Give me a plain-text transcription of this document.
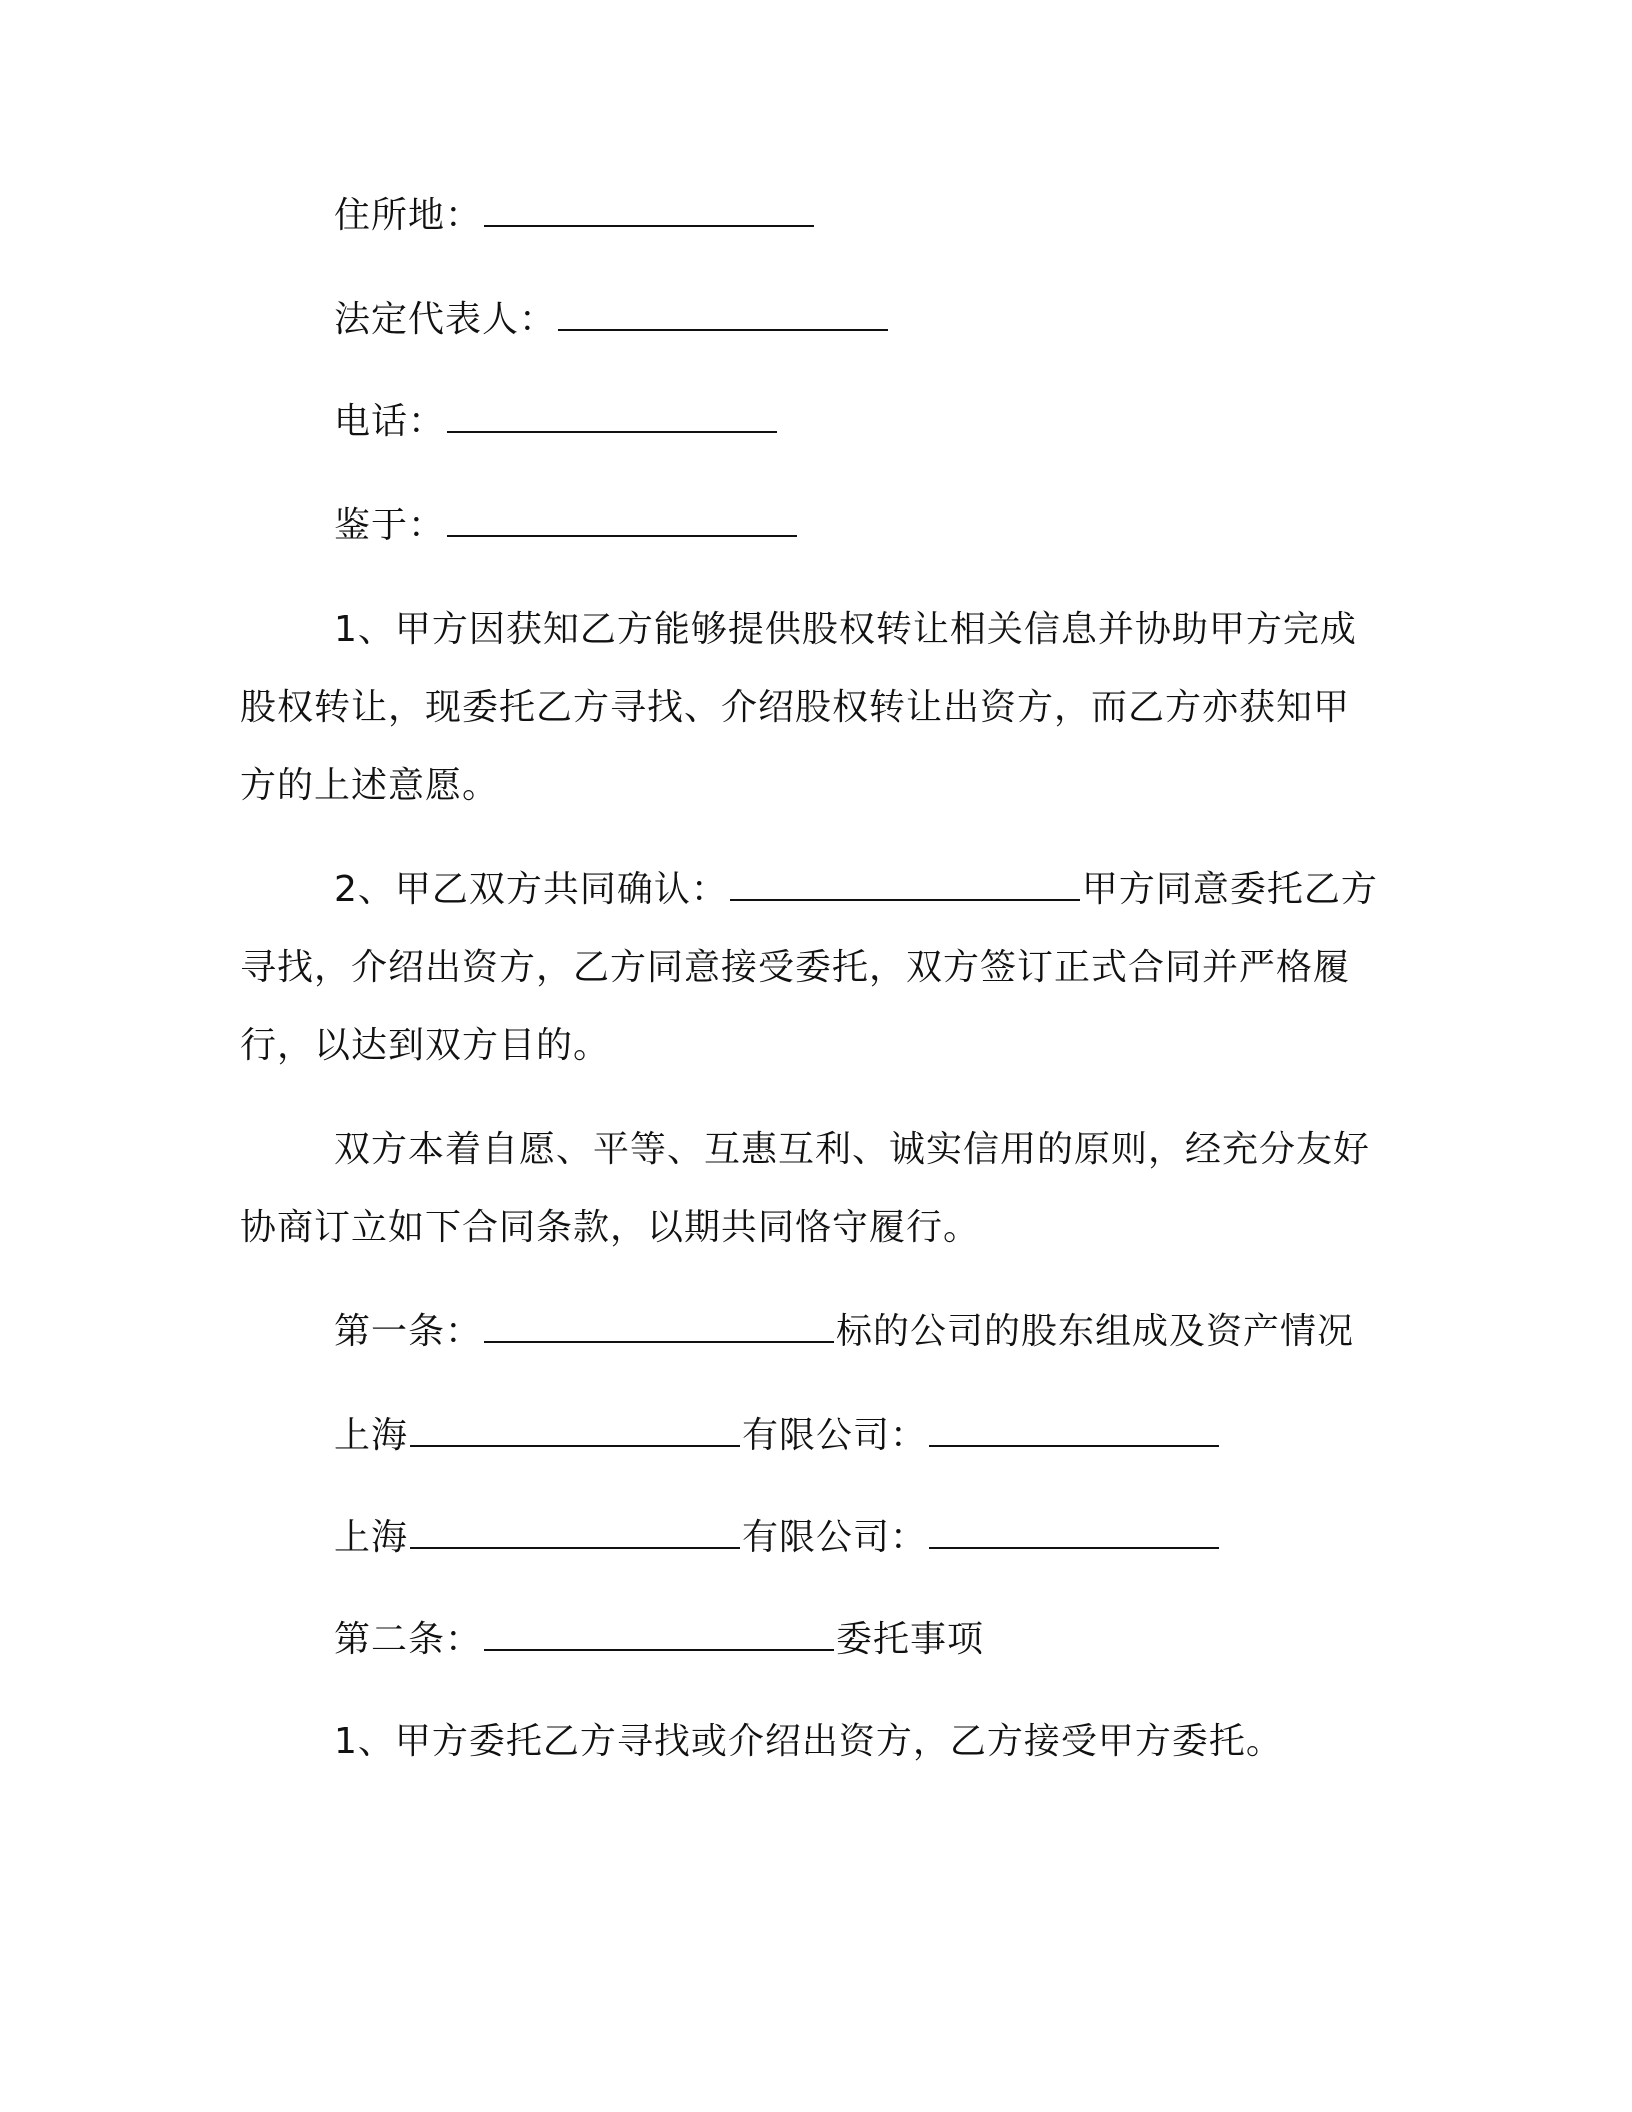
住所地：
法定代表人：
电话：
鉴于：
1、甲方因获知乙方能够提供股权转让相关信息并协助甲方完成
股权转让，现委托乙方寻找、介绍股权转让出资方，而乙方亦获知甲
方的上述意愿。
2、甲乙双方共同确认：	甲方同意委托乙方
寻找，介绍出资方，乙方同意接受委托，双方签订正式合同并严格履
行，以达到双方目的。
双方本着自愿、平等、互惠互利、诚实信用的原则，经充分友好
协商订立如下合同条款，以期共同恪守履行。
第一条：	标的公司的股东组成及资产情况
上海	有限公司：
上海	有限公司：
第二条：	委托事项
1、甲方委托乙方寻找或介绍出资方，乙方接受甲方委托。
